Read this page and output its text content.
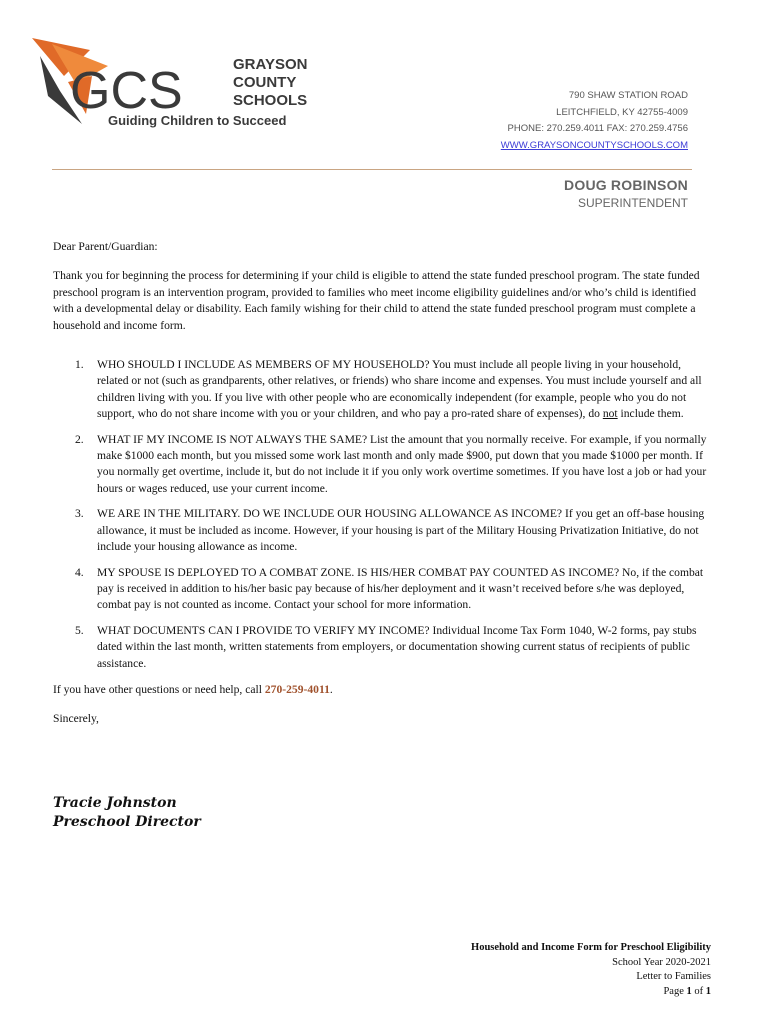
GCS	GRAYSON
COUNTY
SCHOOLS
Guiding Children to Succeed
790 SHAW STATION ROAD
LEITCHFIELD, KY 42755-4009
PHONE: 270.259.4011 FAX: 270.259.4756
WWW.GRAYSONCOUNTYSCHOOLS.COM
DOUG ROBINSON
SUPERINTENDENT

Dear Parent/Guardian:

Thank you for beginning the process for determining if your child is eligible to attend the state funded preschool program. The state funded preschool program is an intervention program, provided to families who meet income eligibility guidelines and/or who’s child is identified with a developmental delay or disability. Each family wishing for their child to attend the state funded preschool program must complete a household and income form.

1. WHO SHOULD I INCLUDE AS MEMBERS OF MY HOUSEHOLD? You must include all people living in your household, related or not (such as grandparents, other relatives, or friends) who share income and expenses. You must include yourself and all children living with you. If you live with other people who are economically independent (for example, people who you do not support, who do not share income with you or your children, and who pay a pro-rated share of expenses), do not include them.
2. WHAT IF MY INCOME IS NOT ALWAYS THE SAME? List the amount that you normally receive. For example, if you normally make $1000 each month, but you missed some work last month and only made $900, put down that you made $1000 per month. If you normally get overtime, include it, but do not include it if you only work overtime sometimes. If you have lost a job or had your hours or wages reduced, use your current income.
3. WE ARE IN THE MILITARY. DO WE INCLUDE OUR HOUSING ALLOWANCE AS INCOME? If you get an off-base housing allowance, it must be included as income. However, if your housing is part of the Military Housing Privatization Initiative, do not include your housing allowance as income.
4. MY SPOUSE IS DEPLOYED TO A COMBAT ZONE. IS HIS/HER COMBAT PAY COUNTED AS INCOME? No, if the combat pay is received in addition to his/her basic pay because of his/her deployment and it wasn’t received before s/he was deployed, combat pay is not counted as income. Contact your school for more information.
5. WHAT DOCUMENTS CAN I PROVIDE TO VERIFY MY INCOME? Individual Income Tax Form 1040, W-2 forms, pay stubs dated within the last month, written statements from employers, or documentation showing current status of recipients of public assistance.

If you have other questions or need help, call 270-259-4011.

Sincerely,

Tracie Johnston
Preschool Director
Household and Income Form for Preschool Eligibility
School Year 2020-2021
Letter to Families
Page 1 of 1
